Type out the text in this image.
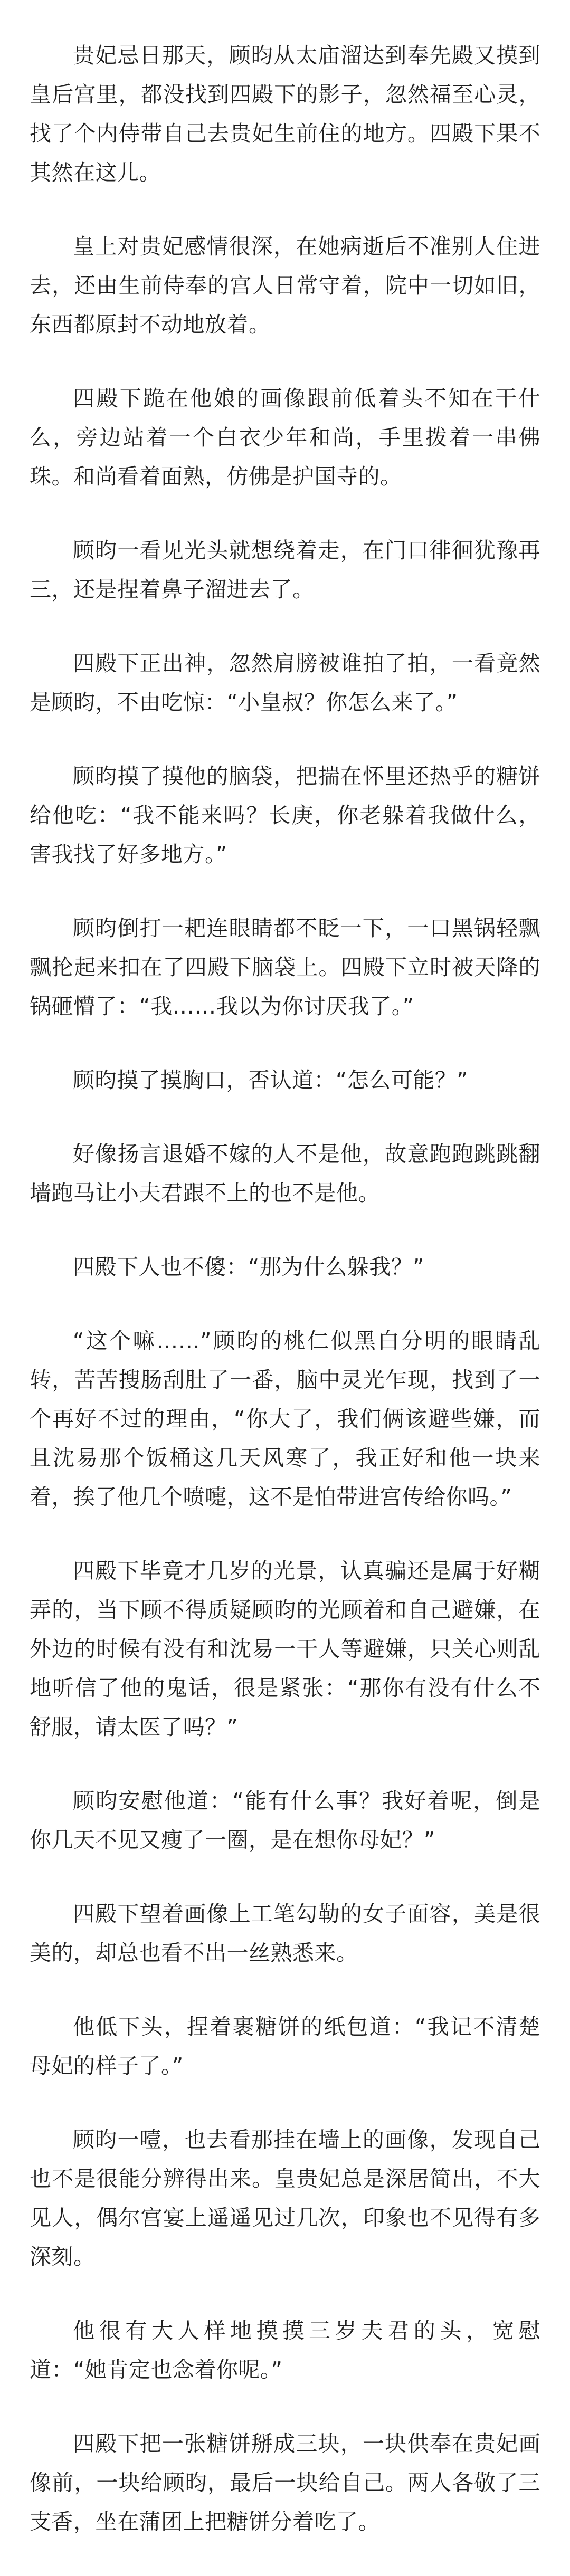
贵妃忌日那天，顾昀从太庙溜达到奉先殿又摸到皇后宫里，都没找到四殿下的影子，忽然福至心灵，找了个内侍带自己去贵妃生前住的地方。四殿下果不其然在这儿。

皇上对贵妃感情很深，在她病逝后不准别人住进去，还由生前侍奉的宫人日常守着，院中一切如旧，东西都原封不动地放着。

四殿下跪在他娘的画像跟前低着头不知在干什么，旁边站着一个白衣少年和尚，手里拨着一串佛珠。和尚看着面熟，仿佛是护国寺的。

顾昀一看见光头就想绕着走，在门口徘徊犹豫再三，还是捏着鼻子溜进去了。

四殿下正出神，忽然肩膀被谁拍了拍，一看竟然是顾昀，不由吃惊：“小皇叔？你怎么来了。”

顾昀摸了摸他的脑袋，把揣在怀里还热乎的糖饼给他吃：“我不能来吗？长庚，你老躲着我做什么，害我找了好多地方。”

顾昀倒打一耙连眼睛都不眨一下，一口黑锅轻飘飘抡起来扣在了四殿下脑袋上。四殿下立时被天降的锅砸懵了：“我……我以为你讨厌我了。”

顾昀摸了摸胸口，否认道：“怎么可能？”

好像扬言退婚不嫁的人不是他，故意跑跑跳跳翻墙跑马让小夫君跟不上的也不是他。

四殿下人也不傻：“那为什么躲我？”

“这个嘛……”顾昀的桃仁似黑白分明的眼睛乱转，苦苦搜肠刮肚了一番，脑中灵光乍现，找到了一个再好不过的理由，“你大了，我们俩该避些嫌，而且沈易那个饭桶这几天风寒了，我正好和他一块来着，挨了他几个喷嚏，这不是怕带进宫传给你吗。”

四殿下毕竟才几岁的光景，认真骗还是属于好糊弄的，当下顾不得质疑顾昀的光顾着和自己避嫌，在外边的时候有没有和沈易一干人等避嫌，只关心则乱地听信了他的鬼话，很是紧张：“那你有没有什么不舒服，请太医了吗？”

顾昀安慰他道：“能有什么事？我好着呢，倒是你几天不见又瘦了一圈，是在想你母妃？”

四殿下望着画像上工笔勾勒的女子面容，美是很美的，却总也看不出一丝熟悉来。

他低下头，捏着裹糖饼的纸包道：“我记不清楚母妃的样子了。”

顾昀一噎，也去看那挂在墙上的画像，发现自己也不是很能分辨得出来。皇贵妃总是深居简出，不大见人，偶尔宫宴上遥遥见过几次，印象也不见得有多深刻。

他很有大人样地摸摸三岁夫君的头，宽慰道：“她肯定也念着你呢。”

四殿下把一张糖饼掰成三块，一块供奉在贵妃画像前，一块给顾昀，最后一块给自己。两人各敬了三支香，坐在蒲团上把糖饼分着吃了。
